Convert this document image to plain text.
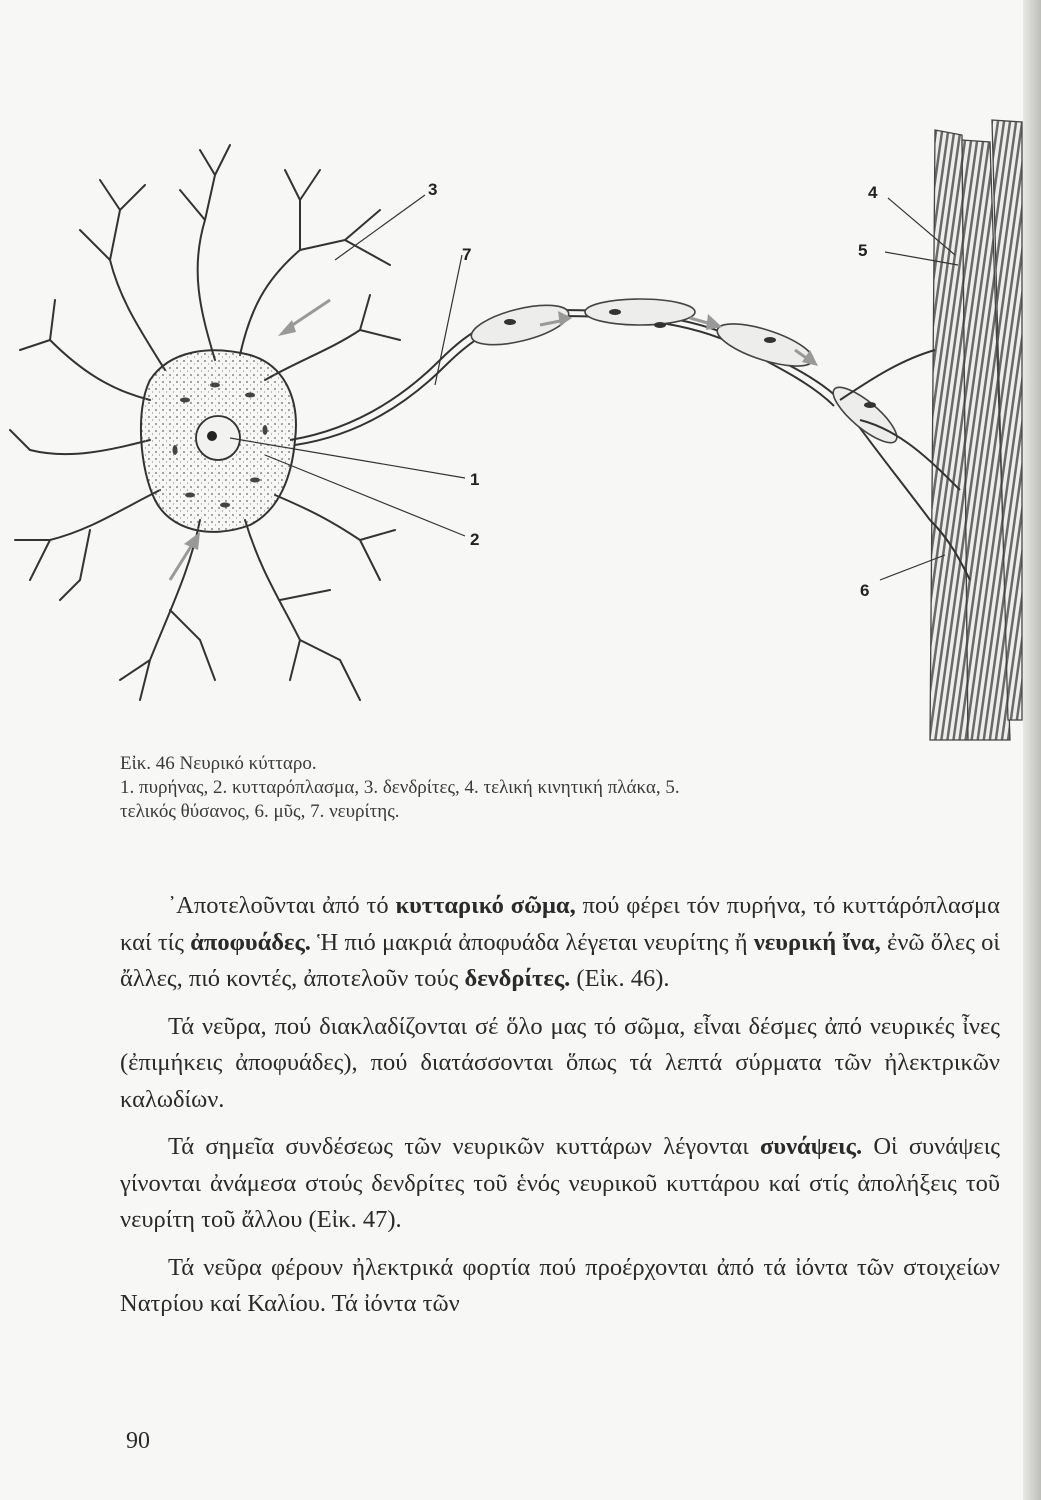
1
2
3	4
5
6
7

Εἰκ. 46 Νευρικό κύτταρο.

1. πυρήνας, 2. κυτταρόπλασμα, 3. δενδρίτες, 4. τελική κινητική πλάκα, 5.

τελικός θύσανος, 6. μῦς, 7. νευρίτης.

᾽Αποτελοῦνται ἀπό τό κυτταρικό σῶμα, πού φέρει τόν πυρήνα, τό κυττάρόπλασμα καί τίς ἀποφυάδες. Ἡ πιό μακριά ἀποφυάδα λέγεται νευρίτης ἤ νευρική ἴνα, ἐνῶ ὅλες οἱ ἄλλες, πιό κοντές, ἀποτελοῦν τούς δενδρίτες. (Εἰκ. 46).

Τά νεῦρα, πού διακλαδίζονται σέ ὅλο μας τό σῶμα, εἶναι δέσμες ἀπό νευρικές ἶνες (ἐπιμήκεις ἀποφυάδες), πού διατάσσονται ὅπως τά λεπτά σύρματα τῶν ἠλεκτρικῶν καλωδίων.

Τά σημεῖα συνδέσεως τῶν νευρικῶν κυττάρων λέγονται συνάψεις. Οἱ συνάψεις γίνονται ἀνάμεσα στούς δενδρίτες τοῦ ἑνός νευρικοῦ κυττάρου καί στίς ἀπολήξεις τοῦ νευρίτη τοῦ ἄλλου (Εἰκ. 47).

Τά νεῦρα φέρουν ἠλεκτρικά φορτία πού προέρχονται ἀπό τά ἰόντα τῶν στοιχείων Νατρίου καί Καλίου. Τά ἰόντα τῶν

90
